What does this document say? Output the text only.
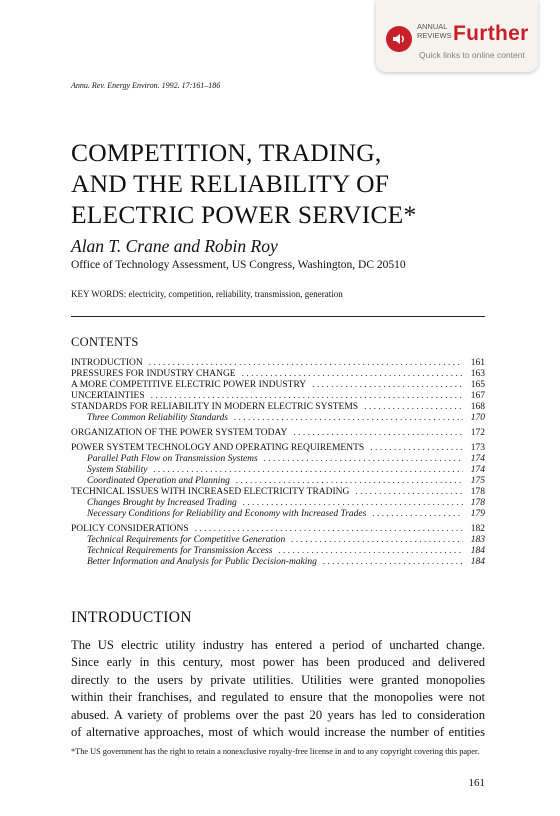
ANNUAL
REVIEWS Further
Quick links to online content
Annu. Rev. Energy Environ. 1992. 17:161–186
COMPETITION, TRADING,
AND THE RELIABILITY OF
ELECTRIC POWER SERVICE*
Alan T. Crane and Robin Roy
Office of Technology Assessment, US Congress, Washington, DC 20510
KEY WORDS: electricity, competition, reliability, transmission, generation
CONTENTS
INTRODUCTION . . .	161
PRESSURES FOR INDUSTRY CHANGE . . .	163
A MORE COMPETITIVE ELECTRIC POWER INDUSTRY . . .	165
UNCERTAINTIES . . .	167
STANDARDS FOR RELIABILITY IN MODERN ELECTRIC SYSTEMS . . .	168
Three Common Reliability Standards . . .	170
ORGANIZATION OF THE POWER SYSTEM TODAY . . .	172
POWER SYSTEM TECHNOLOGY AND OPERATING REQUIREMENTS . . .	173
Parallel Path Flow on Transmission Systems . . .	174
System Stability . . .	174
Coordinated Operation and Planning . . .	175
TECHNICAL ISSUES WITH INCREASED ELECTRICITY TRADING . . .	178
Changes Brought by Increased Trading . . .	178
Necessary Conditions for Reliability and Economy with Increased Trades . . .	179
POLICY CONSIDERATIONS . . .	182
Technical Requirements for Competitive Generation . . .	183
Technical Requirements for Transmission Access . . .	184
Better Information and Analysis for Public Decision-making . . .	184
INTRODUCTION
The US electric utility industry has entered a period of uncharted change.
Since early in this century, most power has been produced and delivered
directly to the users by private utilities. Utilities were granted monopolies
within their franchises, and regulated to ensure that the monopolies were not
abused. A variety of problems over the past 20 years has led to consideration
of alternative approaches, most of which would increase the number of entities
*The US government has the right to retain a nonexclusive royalty-free license in and to any copyright covering this paper.
161
